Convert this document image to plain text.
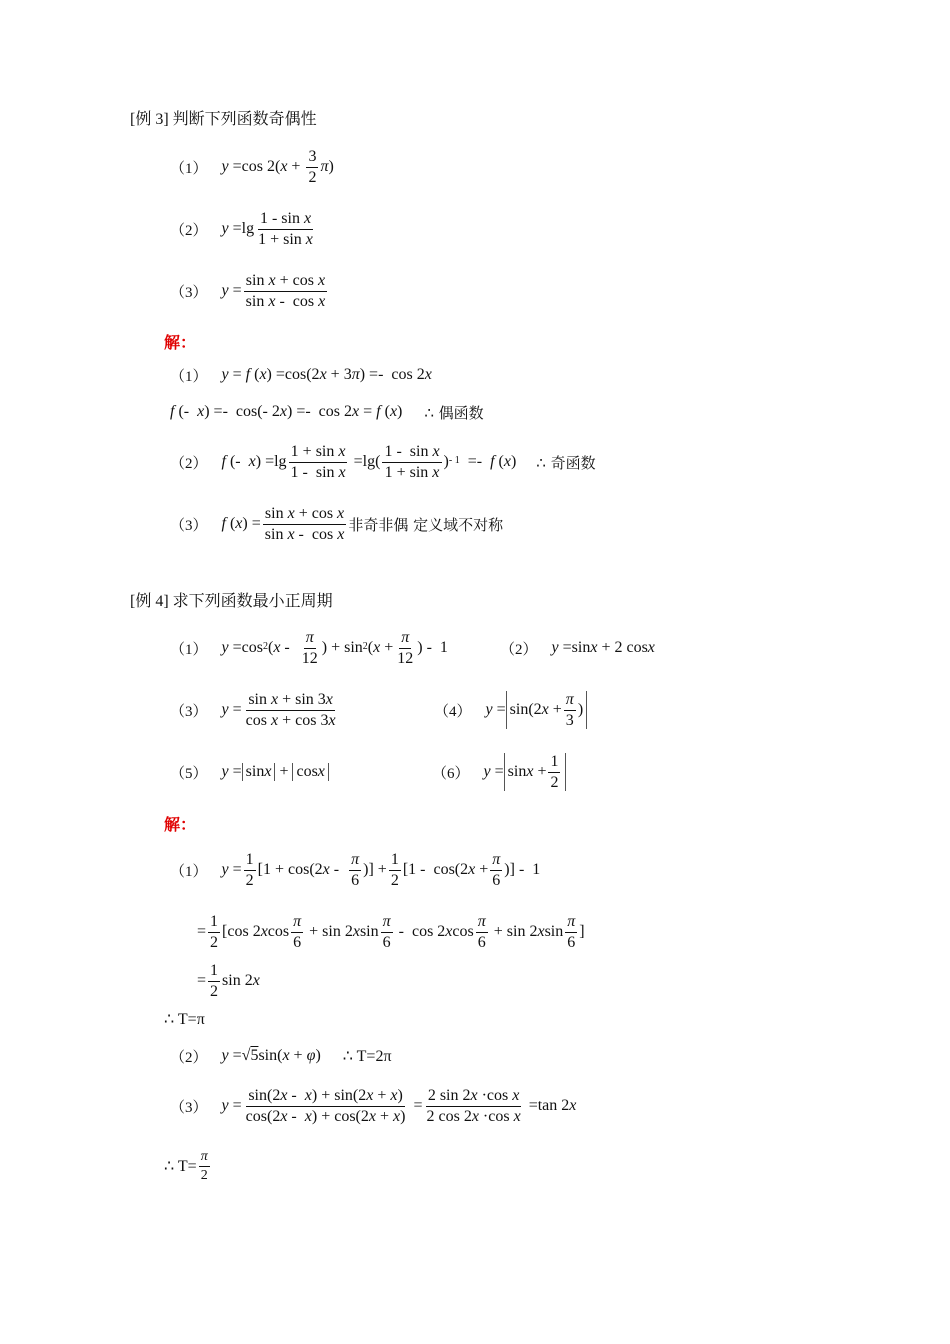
[例 3] 判断下列函数奇偶性
（1） y =cos 2( $x + \frac{3}{2}$ π )
（2） $y =\lg \frac{\text{1 - sin x}}{\text{1 + sin x}}$
（3） $y = \frac{\text{sin x + cos x}}{\text{sin x -  cos x}}$
解：
（1） y = f ( x ) =cos(2 x + 3 π ) =-  cos 2 x
f (- x ) =-  cos(- 2 x ) =-  cos 2 x = f ( x ) ∴ 偶函数
（2） f (- x ) $=\lg \frac{\text{1 + sin x}}{\text{1 -  sin x}} =\lg( \frac{\text{1 -  sin x}}{\text{1 + sin x}} )^{- 1} =- f$ ( x ) ∴ 奇函数
（3） f ( x ) = $\frac{\text{sin x + cos x}}{\text{sin x -  cos x}}$ 非奇非偶 定义域不对称
[例 4] 求下列函数最小正周期
（1） $y =\cos^2$ ( x - $\frac{\pi}{12}$ ) + $\sin^2$ ( $x + \frac{\pi}{12}$ ) -  1	（2） y =sin x + 2 cos x
（3） $y = \frac{\text{sin x + sin 3x}}{\text{cos x + cos 3x}}$	（4） y = sin(2 $x + \frac{\pi}{3}$ )
（5） y = sin x + cos x	（6） $y = \sin x + \frac{1}{2}$
解：
（1） $y = \frac{1}{2} [1 + \cos(2$ x - $\frac{\pi}{6}$ )] + $\frac{1}{2} [1 - \cos(2$ $x + \frac{\pi}{6}$ )] -  1
= $\frac{1}{2} [\cos$ 2 x $\cos \frac{\pi}{6} + \sin 2$ x $\sin \frac{\pi}{6}$ -  cos 2 x $\cos \frac{\pi}{6} + \sin 2$ x $\sin \frac{\pi}{6}$ ]
= $\frac{1}{2}$ sin 2 x
∴ T=π
（2） y =√ 5 sin( x + φ ) ∴ T=2π
（3） $y = \frac{\sin(2x - x) + \sin(2x + x)}{\cos(2x - x) + \cos(2x + x)} = \frac{\text{2 sin 2x ·cos x}}{\text{2 cos 2x ·cos x}} =\tan$ 2 x
∴ $T= \frac{\pi}{2}$
